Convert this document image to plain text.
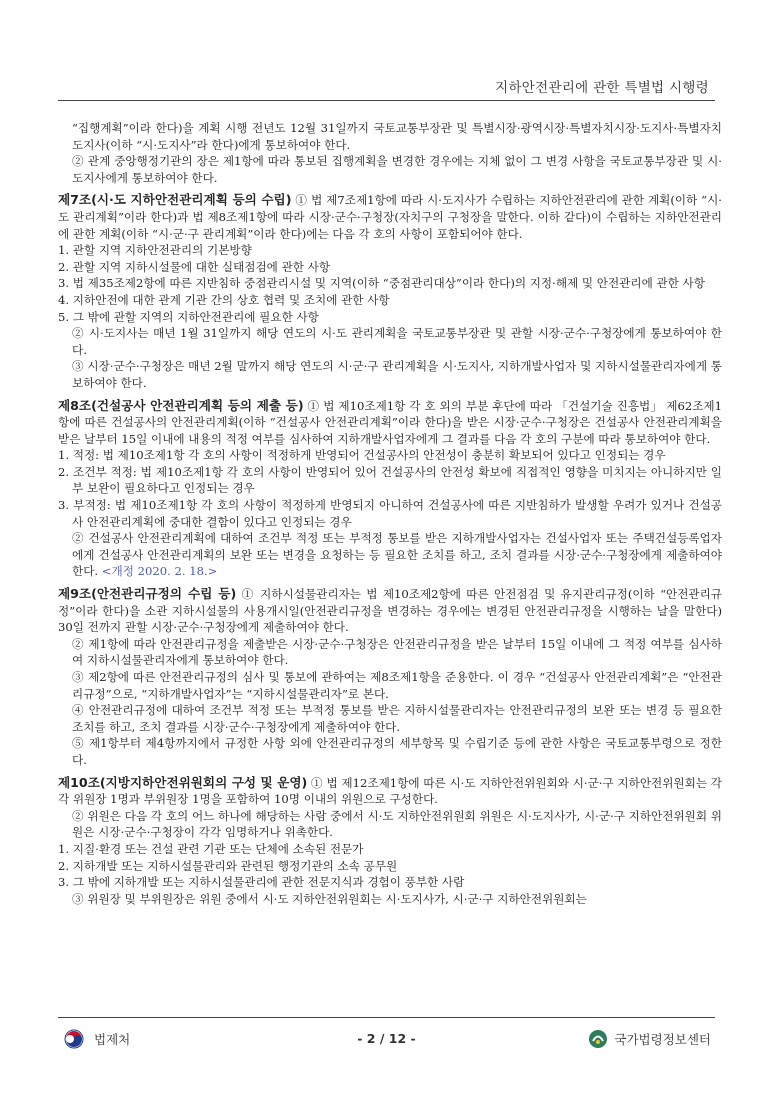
지하안전관리에 관한 특별법 시행령

“집행계획”이라 한다)을 계획 시행 전년도 12월 31일까지 국토교통부장관 및 특별시장·광역시장·특별자치시장·도지사·특별자치도지사(이하 “시·도지사”라 한다)에게 통보하여야 한다.

② 관계 중앙행정기관의 장은 제1항에 따라 통보된 집행계획을 변경한 경우에는 지체 없이 그 변경 사항을 국토교통부장관 및 시·도지사에게 통보하여야 한다.

제7조(시·도 지하안전관리계획 등의 수립) ① 법 제7조제1항에 따라 시·도지사가 수립하는 지하안전관리에 관한 계획(이하 “시·도 관리계획”이라 한다)과 법 제8조제1항에 따라 시장·군수·구청장(자치구의 구청장을 말한다. 이하 같다)이 수립하는 지하안전관리에 관한 계획(이하 “시·군·구 관리계획”이라 한다)에는 다음 각 호의 사항이 포함되어야 한다.

1. 관할 지역 지하안전관리의 기본방향

2. 관할 지역 지하시설물에 대한 실태점검에 관한 사항

3. 법 제35조제2항에 따른 지반침하 중점관리시설 및 지역(이하 “중점관리대상”이라 한다)의 지정·해제 및 안전관리에 관한 사항

4. 지하안전에 대한 관계 기관 간의 상호 협력 및 조치에 관한 사항

5. 그 밖에 관할 지역의 지하안전관리에 필요한 사항

② 시·도지사는 매년 1월 31일까지 해당 연도의 시·도 관리계획을 국토교통부장관 및 관할 시장·군수·구청장에게 통보하여야 한다.

③ 시장·군수·구청장은 매년 2월 말까지 해당 연도의 시·군·구 관리계획을 시·도지사, 지하개발사업자 및 지하시설물관리자에게 통보하여야 한다.

제8조(건설공사 안전관리계획 등의 제출 등) ① 법 제10조제1항 각 호 외의 부분 후단에 따라 「건설기술 진흥법」 제62조제1항에 따른 건설공사의 안전관리계획(이하 “건설공사 안전관리계획”이라 한다)을 받은 시장·군수·구청장은 건설공사 안전관리계획을 받은 날부터 15일 이내에 내용의 적정 여부를 심사하여 지하개발사업자에게 그 결과를 다음 각 호의 구분에 따라 통보하여야 한다.

1. 적정: 법 제10조제1항 각 호의 사항이 적정하게 반영되어 건설공사의 안전성이 충분히 확보되어 있다고 인정되는 경우

2. 조건부 적정: 법 제10조제1항 각 호의 사항이 반영되어 있어 건설공사의 안전성 확보에 직접적인 영향을 미치지는 아니하지만 일부 보완이 필요하다고 인정되는 경우

3. 부적정: 법 제10조제1항 각 호의 사항이 적정하게 반영되지 아니하여 건설공사에 따른 지반침하가 발생할 우려가 있거나 건설공사 안전관리계획에 중대한 결함이 있다고 인정되는 경우

② 건설공사 안전관리계획에 대하여 조건부 적정 또는 부적정 통보를 받은 지하개발사업자는 건설사업자 또는 주택건설등록업자에게 건설공사 안전관리계획의 보완 또는 변경을 요청하는 등 필요한 조치를 하고, 조치 결과를 시장·군수·구청장에게 제출하여야 한다. <개정 2020. 2. 18.>

제9조(안전관리규정의 수립 등) ① 지하시설물관리자는 법 제10조제2항에 따른 안전점검 및 유지관리규정(이하 “안전관리규정”이라 한다)을 소관 지하시설물의 사용개시일(안전관리규정을 변경하는 경우에는 변경된 안전관리규정을 시행하는 날을 말한다) 30일 전까지 관할 시장·군수·구청장에게 제출하여야 한다.

② 제1항에 따라 안전관리규정을 제출받은 시장·군수·구청장은 안전관리규정을 받은 날부터 15일 이내에 그 적정 여부를 심사하여 지하시설물관리자에게 통보하여야 한다.

③ 제2항에 따른 안전관리규정의 심사 및 통보에 관하여는 제8조제1항을 준용한다. 이 경우 “건설공사 안전관리계획”은 “안전관리규정”으로, “지하개발사업자”는 “지하시설물관리자”로 본다.

④ 안전관리규정에 대하여 조건부 적정 또는 부적정 통보를 받은 지하시설물관리자는 안전관리규정의 보완 또는 변경 등 필요한 조치를 하고, 조치 결과를 시장·군수·구청장에게 제출하여야 한다.

⑤ 제1항부터 제4항까지에서 규정한 사항 외에 안전관리규정의 세부항목 및 수립기준 등에 관한 사항은 국토교통부령으로 정한다.

제10조(지방지하안전위원회의 구성 및 운영) ① 법 제12조제1항에 따른 시·도 지하안전위원회와 시·군·구 지하안전위원회는 각각 위원장 1명과 부위원장 1명을 포함하여 10명 이내의 위원으로 구성한다.

② 위원은 다음 각 호의 어느 하나에 해당하는 사람 중에서 시·도 지하안전위원회 위원은 시·도지사가, 시·군·구 지하안전위원회 위원은 시장·군수·구청장이 각각 임명하거나 위촉한다.

1. 지질·환경 또는 건설 관련 기관 또는 단체에 소속된 전문가

2. 지하개발 또는 지하시설물관리와 관련된 행정기관의 소속 공무원

3. 그 밖에 지하개발 또는 지하시설물관리에 관한 전문지식과 경험이 풍부한 사람

③ 위원장 및 부위원장은 위원 중에서 시·도 지하안전위원회는 시·도지사가, 시·군·구 지하안전위원회는

법제처	- 2 / 12 -	국가법령정보센터
